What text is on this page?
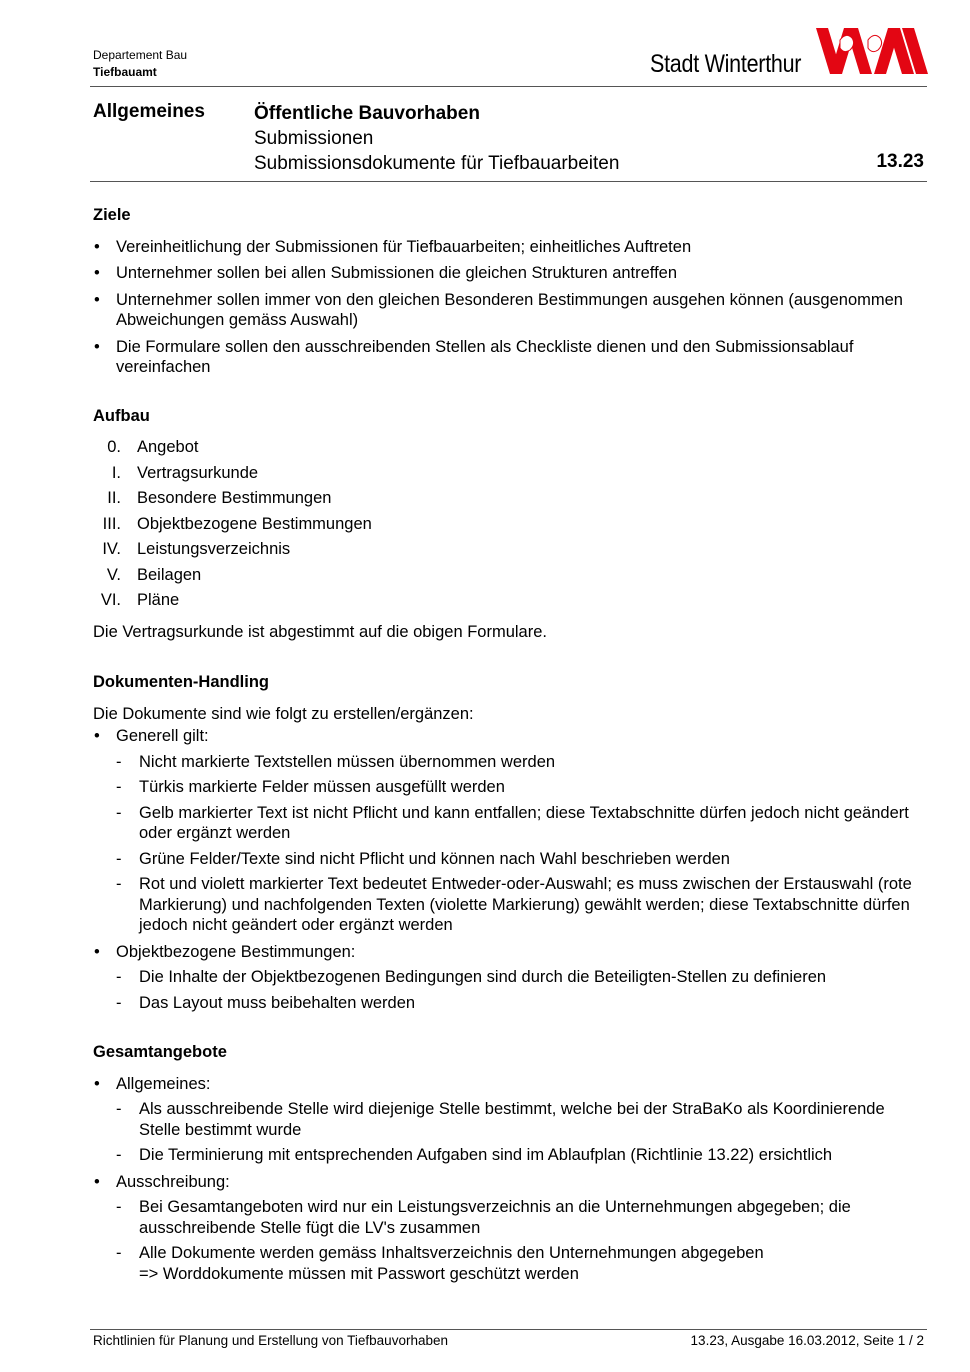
Departement Bau
Tiefbauamt	Stadt Winterthur
Allgemeines	Öffentliche Bauvorhaben
Submissionen
Submissionsdokumente für Tiefbauarbeiten	13.23
Ziele
• Vereinheitlichung der Submissionen für Tiefbauarbeiten; einheitliches Auftreten
• Unternehmer sollen bei allen Submissionen die gleichen Strukturen antreffen
• Unternehmer sollen immer von den gleichen Besonderen Bestimmungen ausgehen können (ausgenommen Abweichungen gemäss Auswahl)
• Die Formulare sollen den ausschreibenden Stellen als Checkliste dienen und den Submissionsablauf vereinfachen
Aufbau
0. Angebot
I. Vertragsurkunde
II. Besondere Bestimmungen
III. Objektbezogene Bestimmungen
IV. Leistungsverzeichnis
V. Beilagen
VI. Pläne

Die Vertragsurkunde ist abgestimmt auf die obigen Formulare.

Dokumenten-Handling

Die Dokumente sind wie folgt zu erstellen/ergänzen:

• Generell gilt:
- Nicht markierte Textstellen müssen übernommen werden
- Türkis markierte Felder müssen ausgefüllt werden
- Gelb markierter Text ist nicht Pflicht und kann entfallen; diese Textabschnitte dürfen jedoch nicht geändert oder ergänzt werden
- Grüne Felder/Texte sind nicht Pflicht und können nach Wahl beschrieben werden
- Rot und violett markierter Text bedeutet Entweder-oder-Auswahl; es muss zwischen der Erstauswahl (rote Markierung) und nachfolgenden Texten (violette Markierung) gewählt werden; diese Textabschnitte dürfen jedoch nicht geändert oder ergänzt werden
• Objektbezogene Bestimmungen:
- Die Inhalte der Objektbezogenen Bedingungen sind durch die Beteiligten-Stellen zu definieren
- Das Layout muss beibehalten werden
Gesamtangebote
• Allgemeines:
- Als ausschreibende Stelle wird diejenige Stelle bestimmt, welche bei der StraBaKo als Koordinierende Stelle bestimmt wurde
- Die Terminierung mit entsprechenden Aufgaben sind im Ablaufplan (Richtlinie 13.22) ersichtlich
• Ausschreibung:
- Bei Gesamtangeboten wird nur ein Leistungsverzeichnis an die Unternehmungen abgegeben; die ausschreibende Stelle fügt die LV's zusammen
- Alle Dokumente werden gemäss Inhaltsverzeichnis den Unternehmungen abgegeben
=> Worddokumente müssen mit Passwort geschützt werden
Richtlinien für Planung und Erstellung von Tiefbauvorhaben	13.23, Ausgabe 16.03.2012, Seite 1 / 2
